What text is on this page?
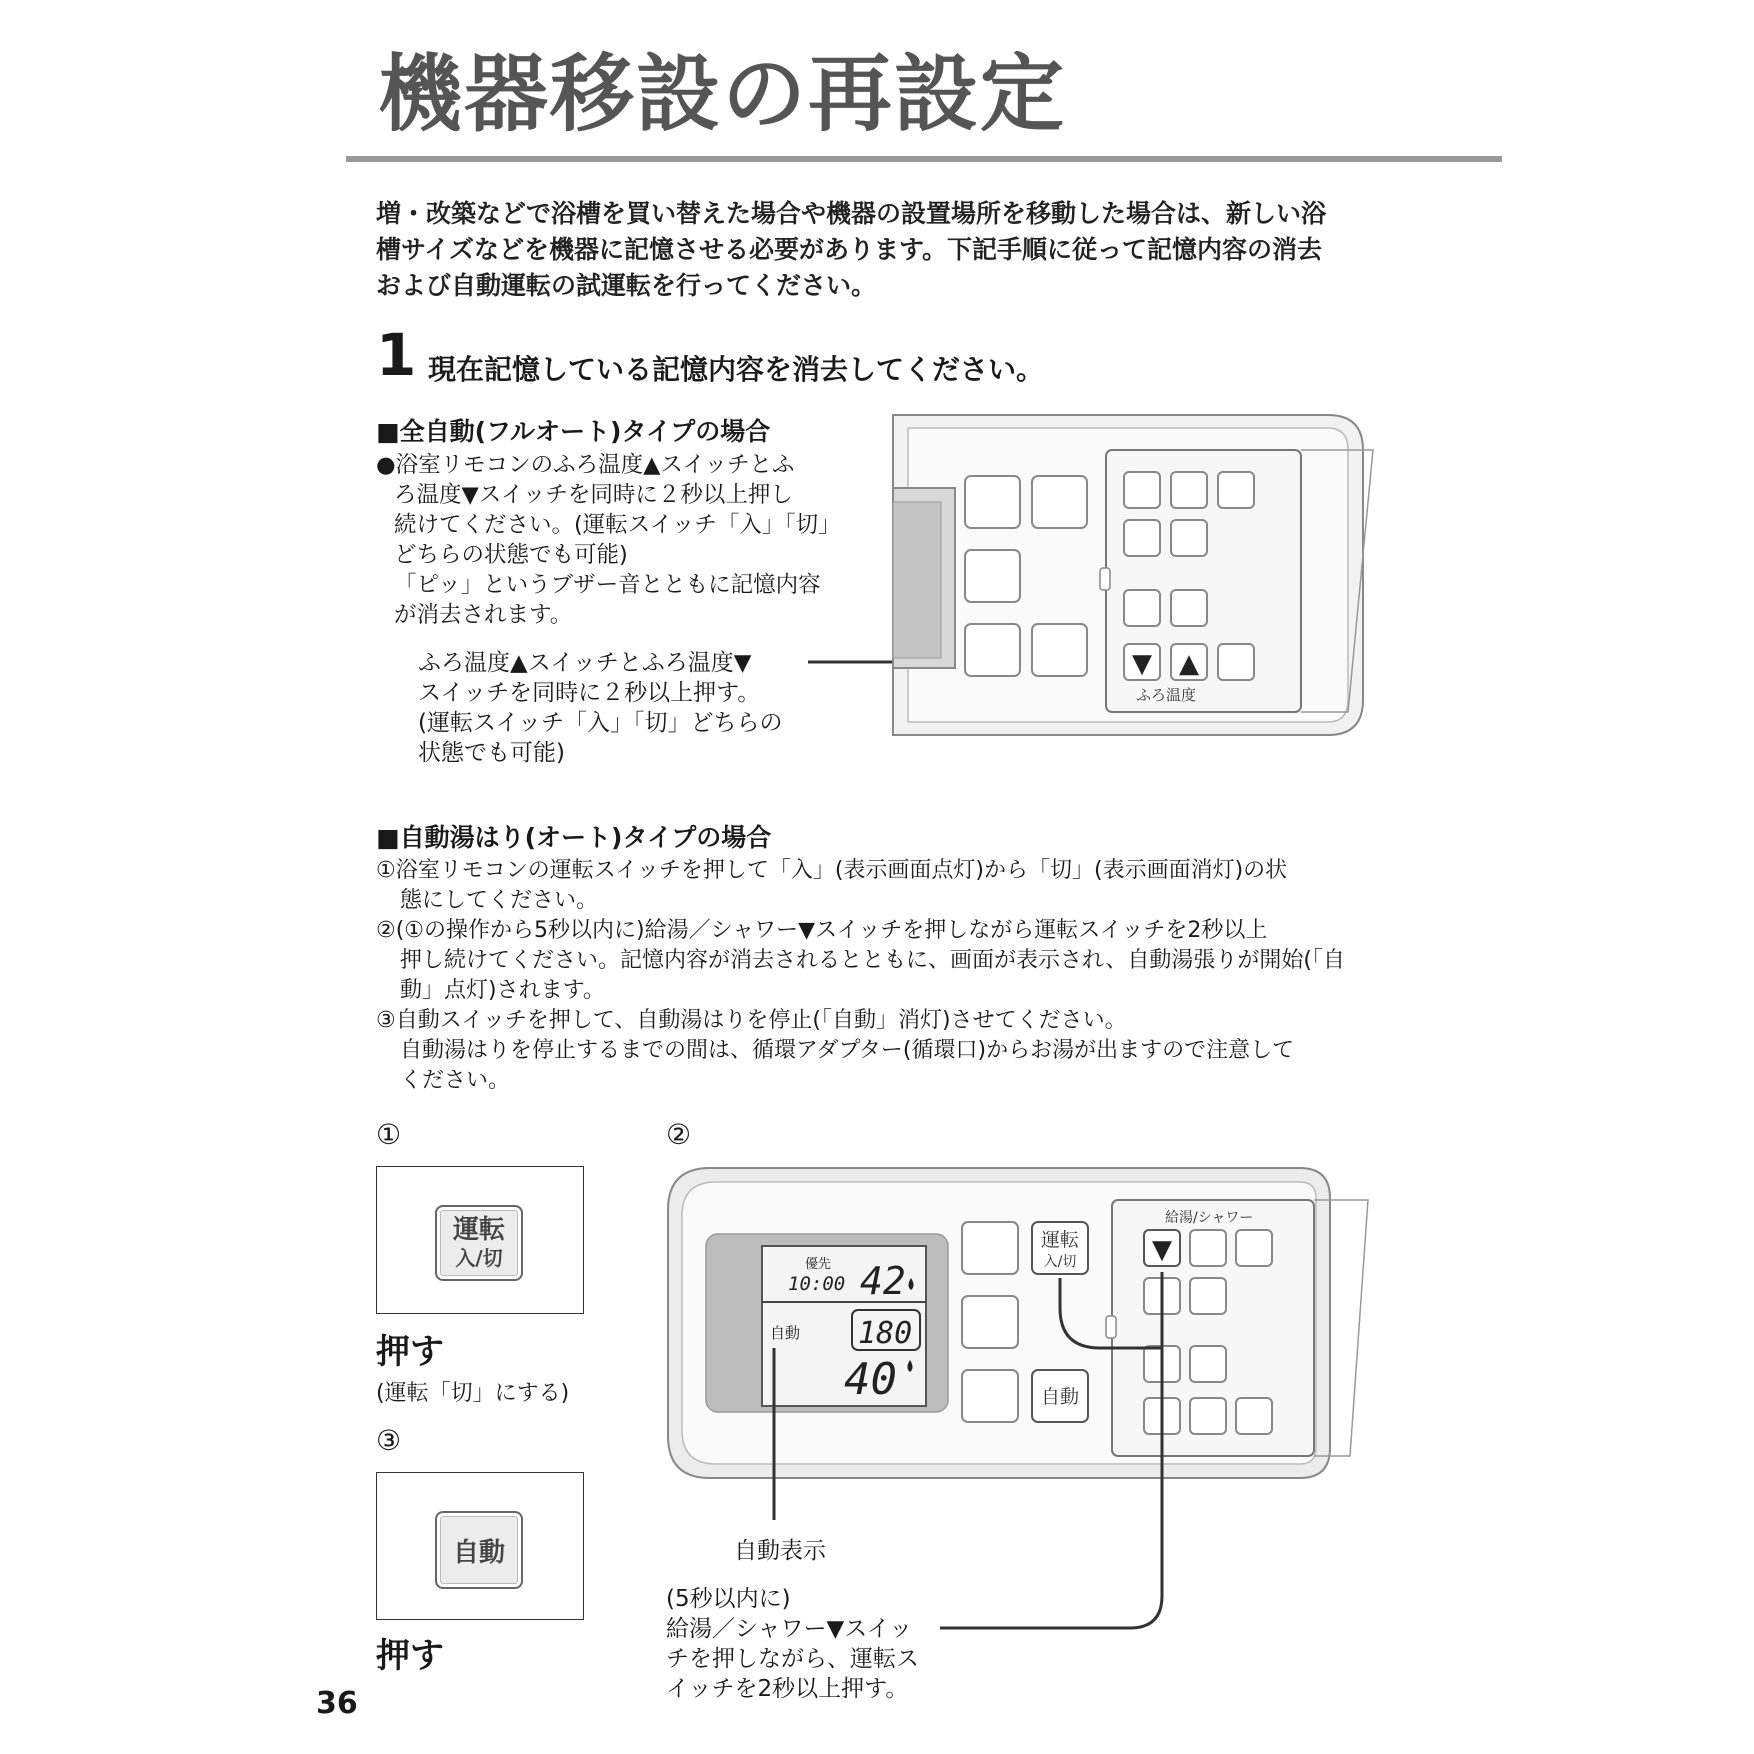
機器移設の再設定
増・改築などで浴槽を買い替えた場合や機器の設置場所を移動した場合は、新しい浴
槽サイズなどを機器に記憶させる必要があります。下記手順に従って記憶内容の消去
および自動運転の試運転を行ってください。
1 現在記憶している記憶内容を消去してください。
■全自動(フルオート)タイプの場合
●浴室リモコンのふろ温度▲スイッチとふ
ろ温度▼スイッチを同時に２秒以上押し
続けてください。(運転スイッチ「入」「切」
どちらの状態でも可能)
「ピッ」というブザー音とともに記憶内容
が消去されます。
ふろ温度▲スイッチとふろ温度▼
スイッチを同時に２秒以上押す。
(運転スイッチ「入」「切」どちらの
状態でも可能)
▼ ▲
ふろ温度
■自動湯はり(オート)タイプの場合
①浴室リモコンの運転スイッチを押して「入」(表示画面点灯)から「切」(表示画面消灯)の状
態にしてください。
②(①の操作から5秒以内に)給湯／シャワー▼スイッチを押しながら運転スイッチを2秒以上
押し続けてください。記憶内容が消去されるとともに、画面が表示され、自動湯張りが開始(「自
動」点灯)されます。
③自動スイッチを押して、自動湯はりを停止(「自動」消灯)させてください。
自動湯はりを停止するまでの間は、循環アダプター(循環口)からお湯が出ますので注意して
ください。
①
運転
入/切
押す
(運転「切」にする)
③
自動
押す
②
優先
10:00 42
180
自動
40
運転
入/切
自動
給湯/シャワー
▼
自動表示
(5秒以内に)
給湯／シャワー▼スイッ
チを押しながら、運転ス
イッチを2秒以上押す。
36
